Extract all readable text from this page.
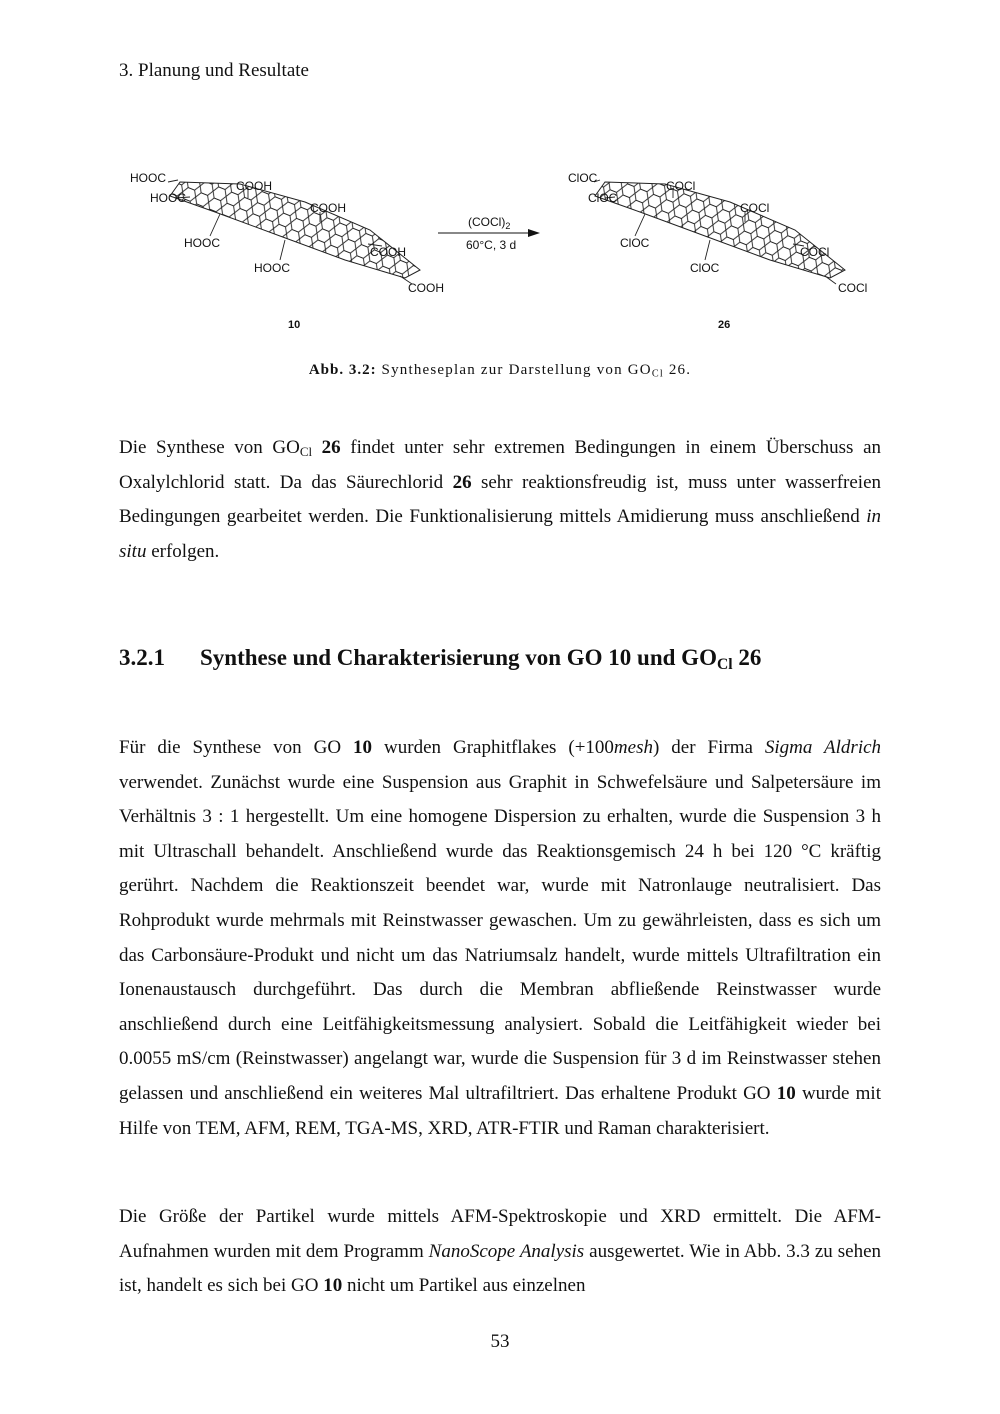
3. Planung und Resultate
HOOC
HOOC
COOH
COOH
HOOC
COOH
HOOC
COOH
10
$(COCl)_2$
60°C, 3 d
ClOC
ClOC
COCl
COCl
ClOC
COCl
ClOC
COCl
26
Abb. 3.2: Syntheseplan zur Darstellung von $GO_{Cl}$ 26.
Die Synthese von $GO_{Cl}$ 26 findet unter sehr extremen Bedingungen in einem Überschuss an Oxalylchlorid statt. Da das Säurechlorid 26 sehr reaktionsfreudig ist, muss unter wasserfreien Bedingungen gearbeitet werden. Die Funktionalisierung mittels Amidierung muss anschließend in situ erfolgen.
3.2.1 Synthese und Charakterisierung von GO 10 und $GO_{Cl}$ 26
Für die Synthese von GO 10 wurden Graphitflakes (+100mesh) der Firma Sigma Aldrich verwendet. Zunächst wurde eine Suspension aus Graphit in Schwefelsäure und Salpetersäure im Verhältnis 3 : 1 hergestellt. Um eine homogene Dispersion zu erhalten, wurde die Suspension 3 h mit Ultraschall behandelt. Anschließend wurde das Reaktionsgemisch 24 h bei 120 °C kräftig gerührt. Nachdem die Reaktionszeit beendet war, wurde mit Natronlauge neutralisiert. Das Rohprodukt wurde mehrmals mit Reinstwasser gewaschen. Um zu gewährleisten, dass es sich um das Carbonsäure-Produkt und nicht um das Natriumsalz handelt, wurde mittels Ultrafiltration ein Ionenaustausch durchgeführt. Das durch die Membran abfließende Reinstwasser wurde anschließend durch eine Leitfähigkeitsmessung analysiert. Sobald die Leitfähigkeit wieder bei 0.0055 mS/cm (Reinstwasser) angelangt war, wurde die Suspension für 3 d im Reinstwasser stehen gelassen und anschließend ein weiteres Mal ultrafiltriert. Das erhaltene Produkt GO 10 wurde mit Hilfe von TEM, AFM, REM, TGA-MS, XRD, ATR-FTIR und Raman charakterisiert.
Die Größe der Partikel wurde mittels AFM-Spektroskopie und XRD ermittelt. Die AFM-Aufnahmen wurden mit dem Programm NanoScope Analysis ausgewertet. Wie in Abb. 3.3 zu sehen ist, handelt es sich bei GO 10 nicht um Partikel aus einzelnen
53
